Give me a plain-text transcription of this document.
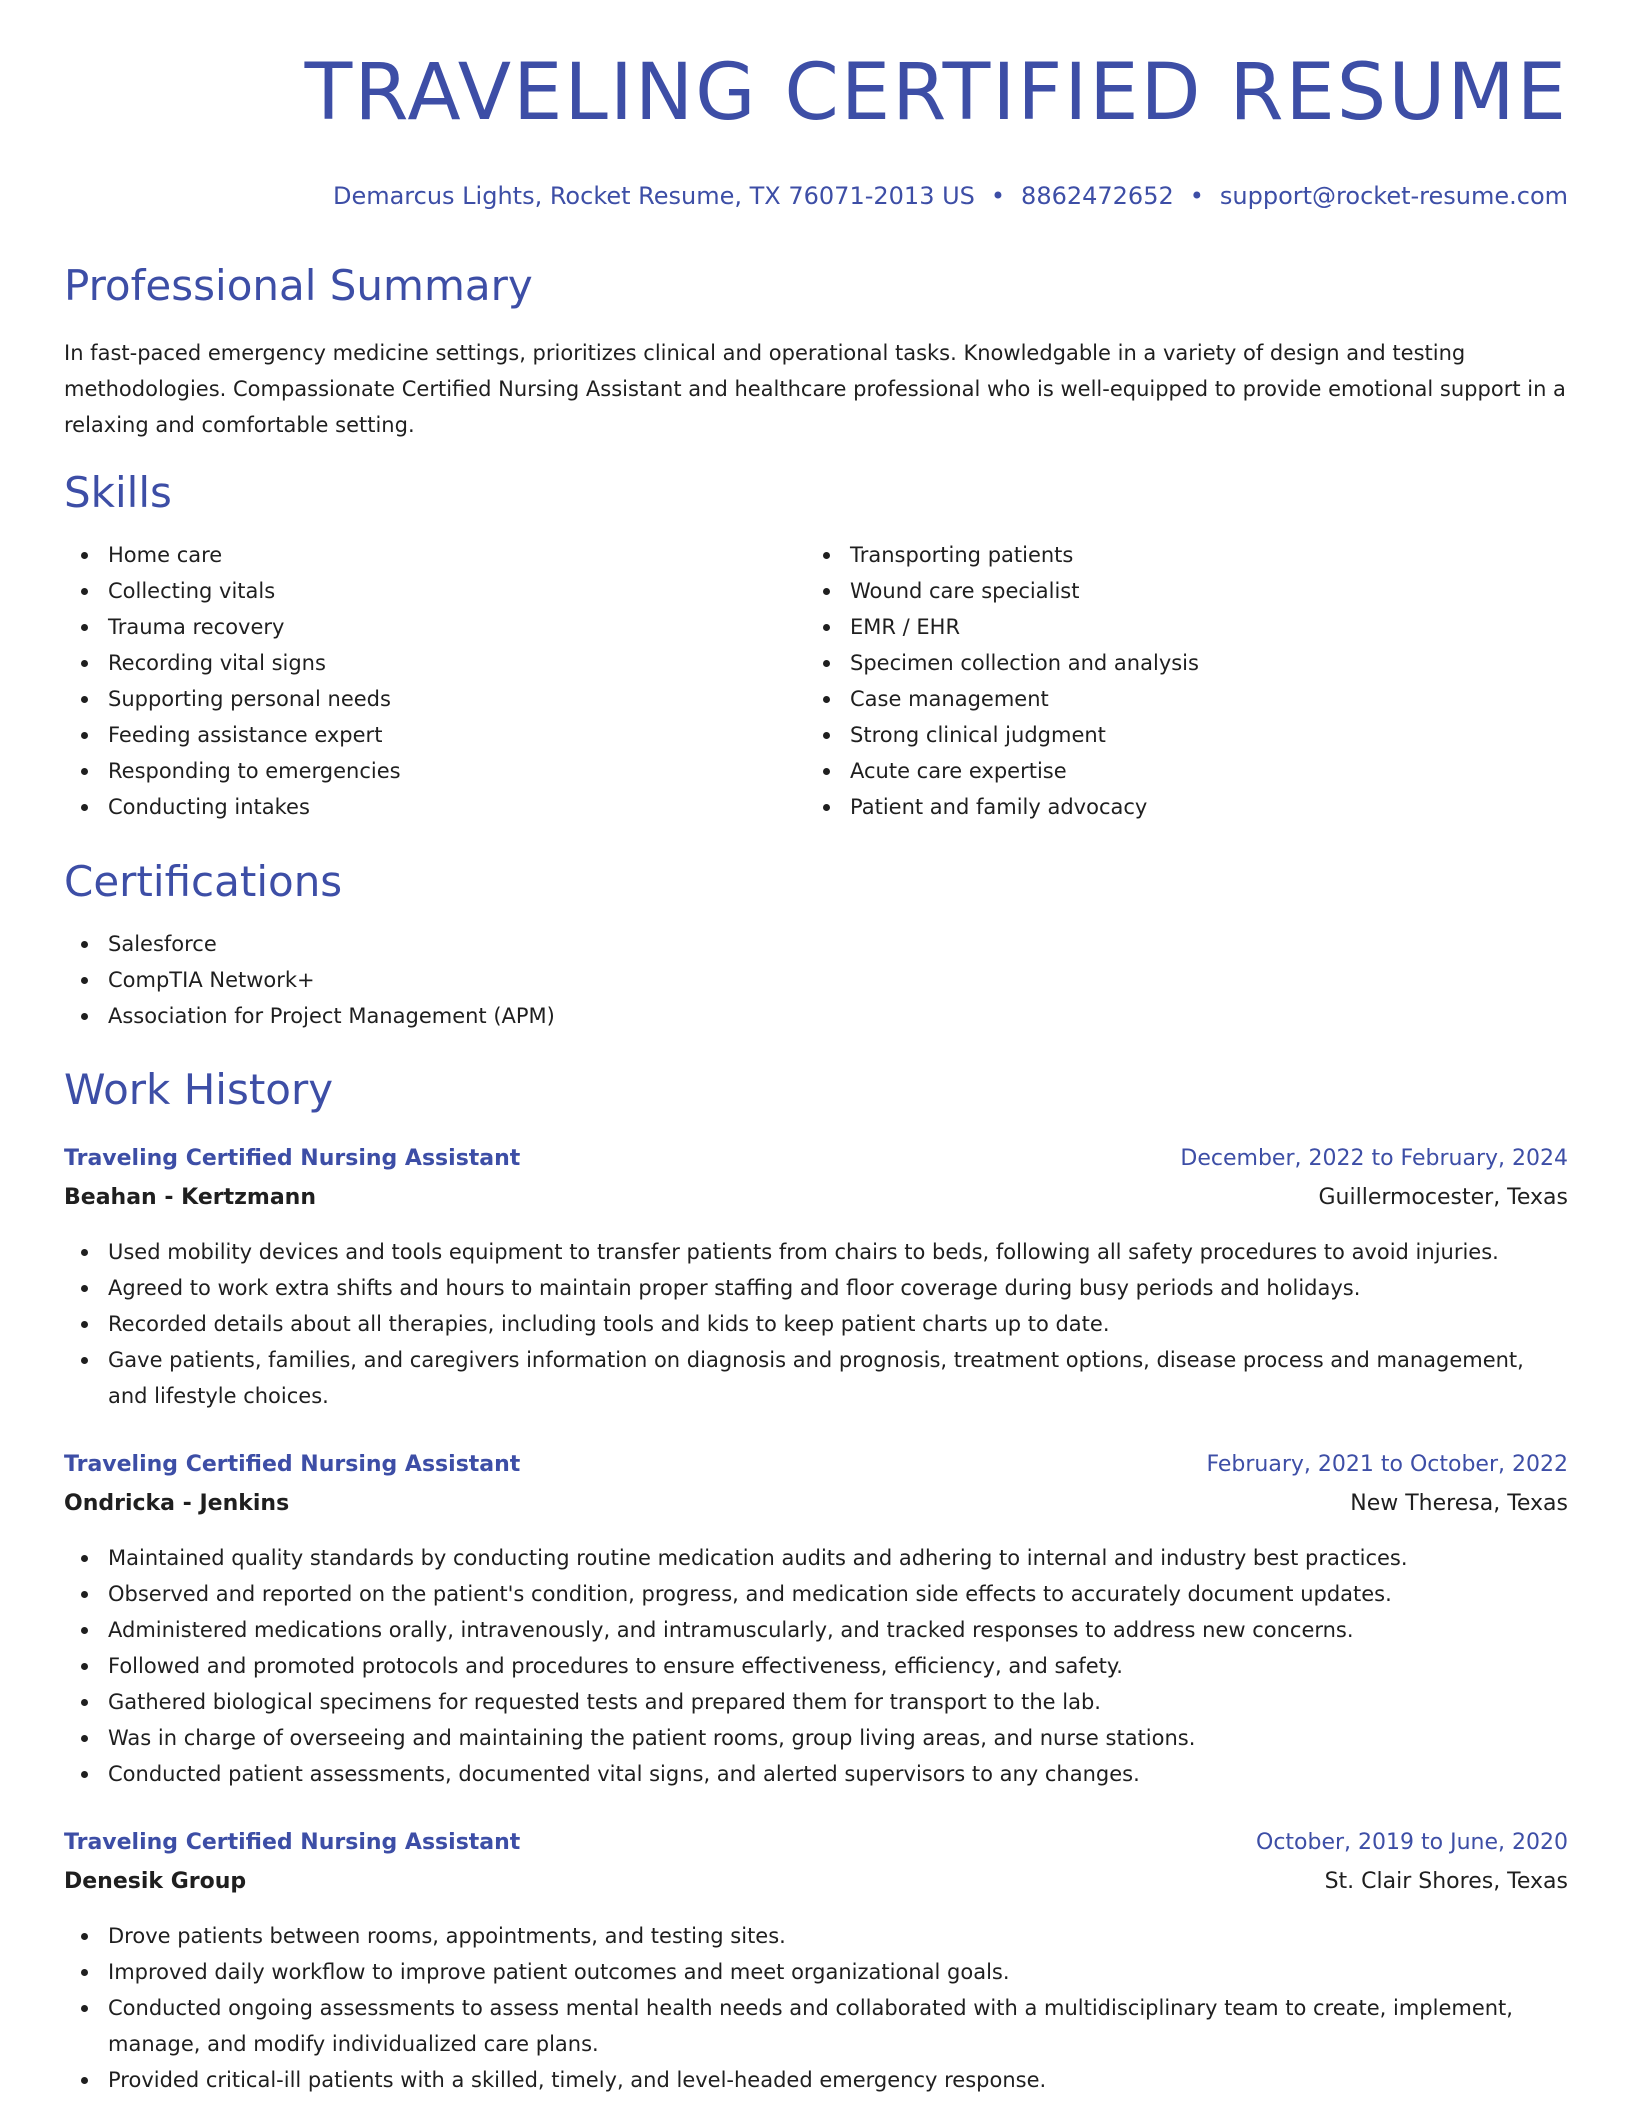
TRAVELING CERTIFIED RESUME
Demarcus Lights, Rocket Resume, TX 76071-2013 US • 8862472652 • support@rocket-resume.com
Professional Summary

In fast-paced emergency medicine settings, prioritizes clinical and operational tasks. Knowledgable in a variety of design and testing methodologies. Compassionate Certified Nursing Assistant and healthcare professional who is well-equipped to provide emotional support in a relaxing and comfortable setting.

Skills
Home care
Collecting vitals
Trauma recovery
Recording vital signs
Supporting personal needs
Feeding assistance expert
Responding to emergencies
Conducting intakes
Transporting patients
Wound care specialist
EMR / EHR
Specimen collection and analysis
Case management
Strong clinical judgment
Acute care expertise
Patient and family advocacy
Certifications
Salesforce
CompTIA Network+
Association for Project Management (APM)
Work History
Traveling Certified Nursing Assistant	December, 2022 to February, 2024
Beahan - Kertzmann	Guillermocester, Texas
Used mobility devices and tools equipment to transfer patients from chairs to beds, following all safety procedures to avoid injuries.
Agreed to work extra shifts and hours to maintain proper staffing and floor coverage during busy periods and holidays.
Recorded details about all therapies, including tools and kids to keep patient charts up to date.
Gave patients, families, and caregivers information on diagnosis and prognosis, treatment options, disease process and management, and lifestyle choices.
Traveling Certified Nursing Assistant	February, 2021 to October, 2022
Ondricka - Jenkins	New Theresa, Texas
Maintained quality standards by conducting routine medication audits and adhering to internal and industry best practices.
Observed and reported on the patient's condition, progress, and medication side effects to accurately document updates.
Administered medications orally, intravenously, and intramuscularly, and tracked responses to address new concerns.
Followed and promoted protocols and procedures to ensure effectiveness, efficiency, and safety.
Gathered biological specimens for requested tests and prepared them for transport to the lab.
Was in charge of overseeing and maintaining the patient rooms, group living areas, and nurse stations.
Conducted patient assessments, documented vital signs, and alerted supervisors to any changes.
Traveling Certified Nursing Assistant	October, 2019 to June, 2020
Denesik Group	St. Clair Shores, Texas
Drove patients between rooms, appointments, and testing sites.
Improved daily workflow to improve patient outcomes and meet organizational goals.
Conducted ongoing assessments to assess mental health needs and collaborated with a multidisciplinary team to create, implement, manage, and modify individualized care plans.
Provided critical-ill patients with a skilled, timely, and level-headed emergency response.
